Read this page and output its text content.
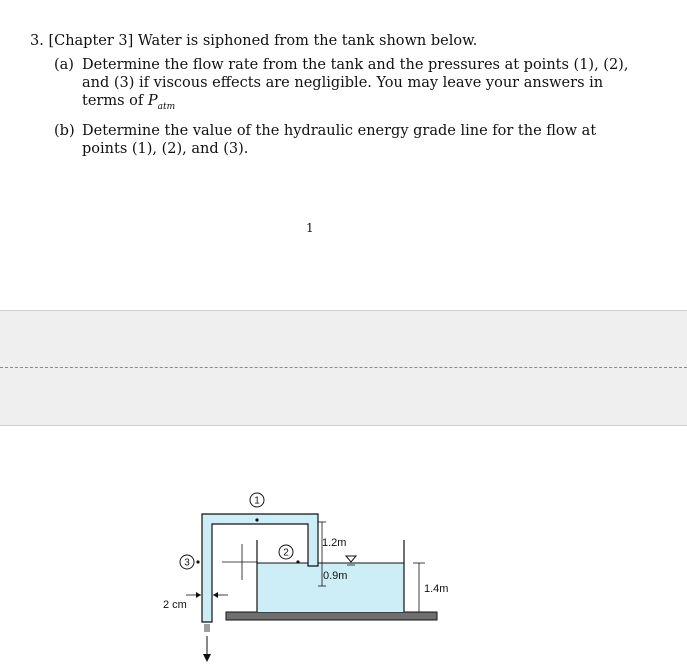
3. [Chapter 3] Water is siphoned from the tank shown below.

(a) Determine the flow rate from the tank and the pressures at points (1), (2), and (3) if viscous effects are negligible. You may leave your answers in terms of $P_{atm}$
(b) Determine the value of the hydraulic energy grade line for the flow at points (1), (2), and (3).
1
2 cm
1
2
3
1.2m
0.9m
1.4m
